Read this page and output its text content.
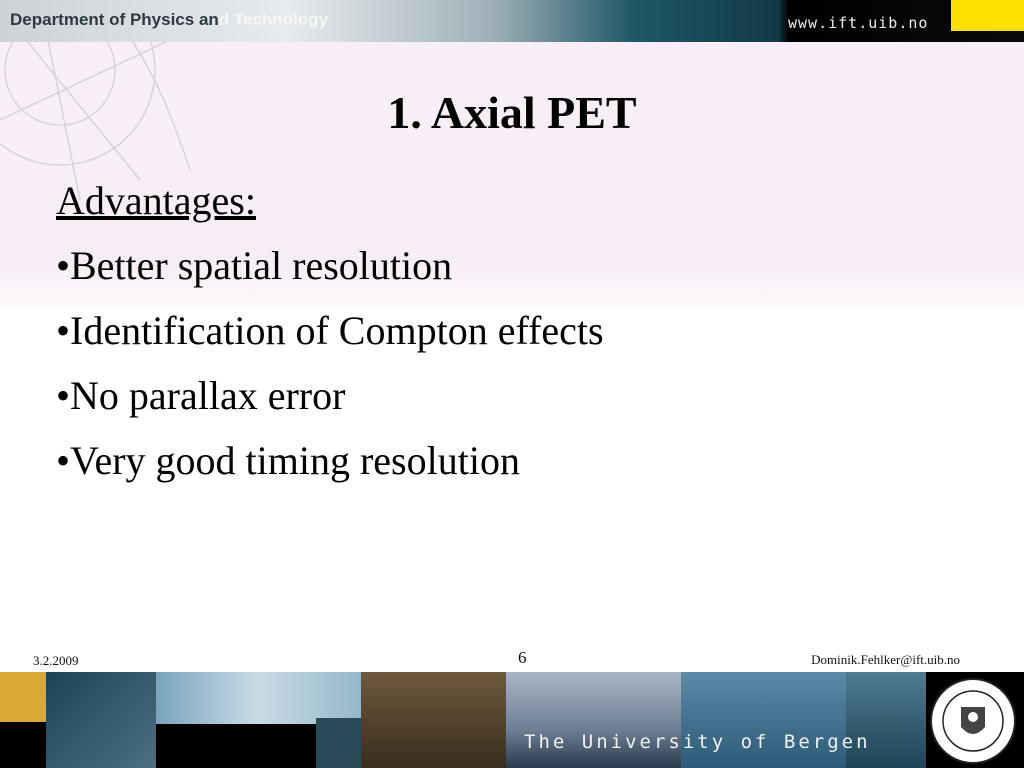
Department of Physics and Technology	www.ift.uib.no
1. Axial PET
Advantages:
•Better spatial resolution
•Identification of Compton effects
•No parallax error
•Very good timing resolution
3.2.2009	6	Dominik.Fehlker@ift.uib.no
The University of Bergen
